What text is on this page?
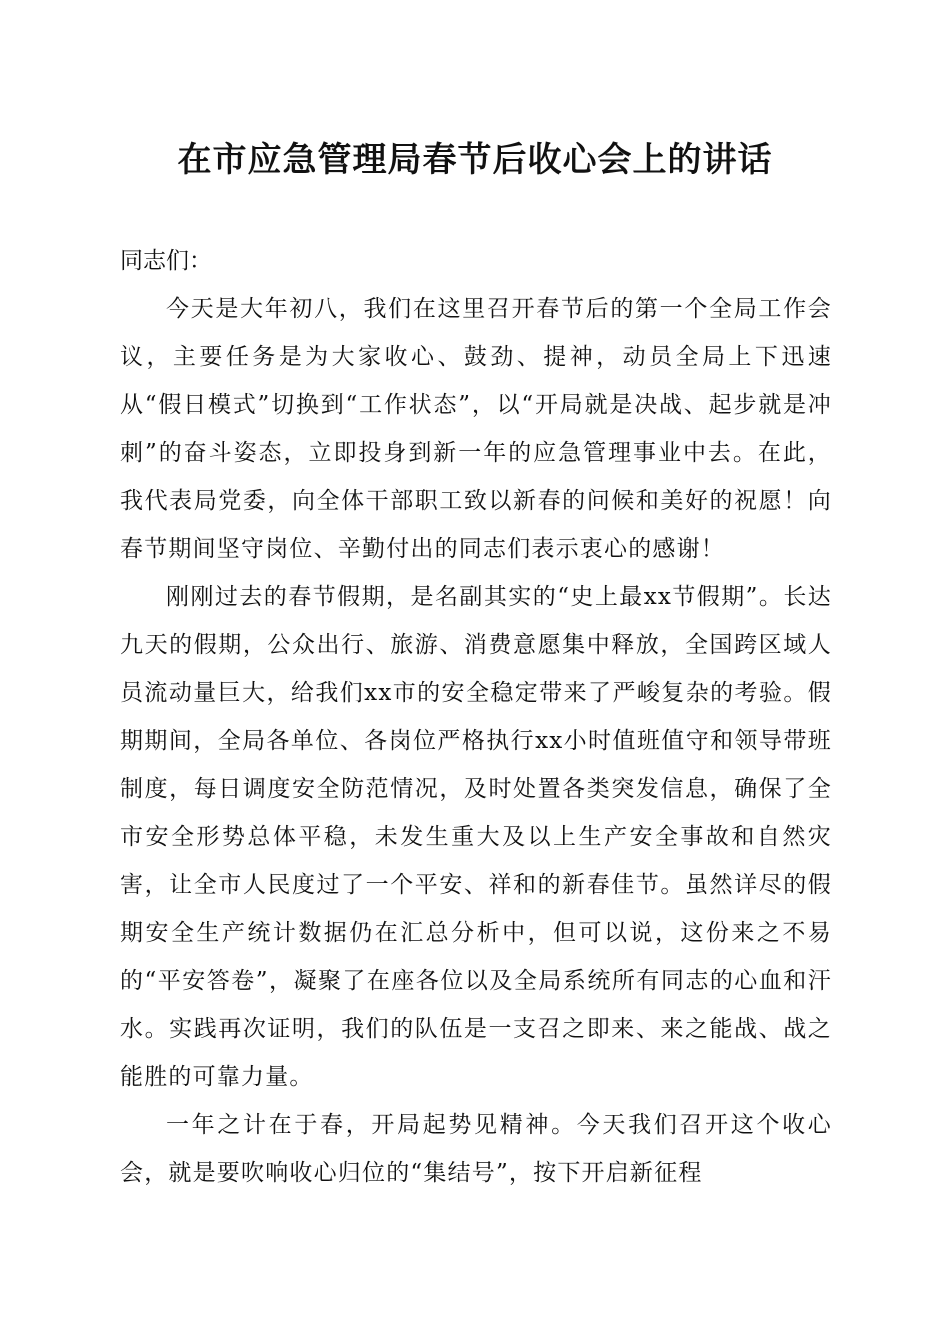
在市应急管理局春节后收心会上的讲话

同志们：

今天是大年初八，我们在这里召开春节后的第一个全局工作会议，主要任务是为大家收心、鼓劲、提神，动员全局上下迅速从“假日模式”切换到“工作状态”，以“开局就是决战、起步就是冲刺”的奋斗姿态，立即投身到新一年的应急管理事业中去。在此，我代表局党委，向全体干部职工致以新春的问候和美好的祝愿！向春节期间坚守岗位、辛勤付出的同志们表示衷心的感谢！

刚刚过去的春节假期，是名副其实的“史上最xx节假期”。长达九天的假期，公众出行、旅游、消费意愿集中释放，全国跨区域人员流动量巨大，给我们xx市的安全稳定带来了严峻复杂的考验。假期期间，全局各单位、各岗位严格执行xx小时值班值守和领导带班制度，每日调度安全防范情况，及时处置各类突发信息，确保了全市安全形势总体平稳，未发生重大及以上生产安全事故和自然灾害，让全市人民度过了一个平安、祥和的新春佳节。虽然详尽的假期安全生产统计数据仍在汇总分析中，但可以说，这份来之不易的“平安答卷”，凝聚了在座各位以及全局系统所有同志的心血和汗水。实践再次证明，我们的队伍是一支召之即来、来之能战、战之能胜的可靠力量。

一年之计在于春，开局起势见精神。今天我们召开这个收心会，就是要吹响收心归位的“集结号”，按下开启新征程
